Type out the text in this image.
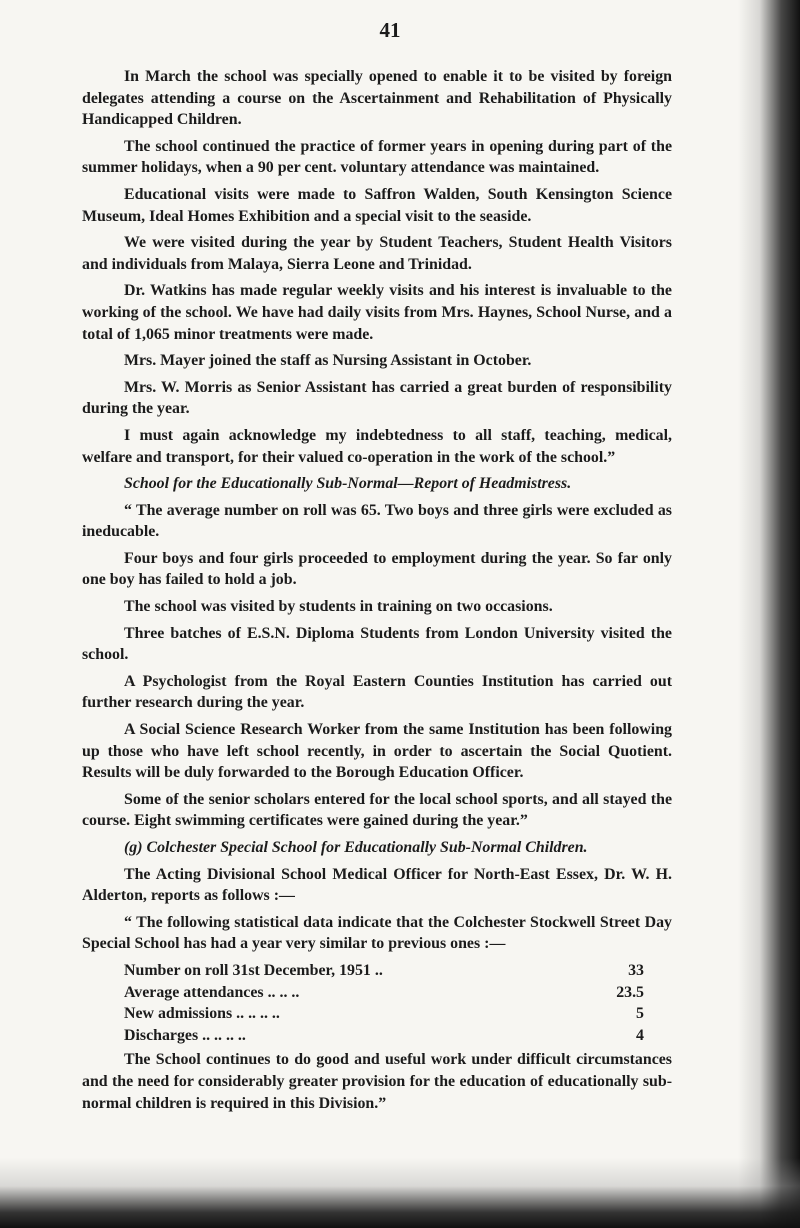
41

In March the school was specially opened to enable it to be visited by foreign delegates attending a course on the Ascertainment and Rehabilitation of Physically Handicapped Children.

The school continued the practice of former years in opening during part of the summer holidays, when a 90 per cent. voluntary attendance was maintained.

Educational visits were made to Saffron Walden, South Kensington Science Museum, Ideal Homes Exhibition and a special visit to the seaside.

We were visited during the year by Student Teachers, Student Health Visitors and individuals from Malaya, Sierra Leone and Trinidad.

Dr. Watkins has made regular weekly visits and his interest is invaluable to the working of the school. We have had daily visits from Mrs. Haynes, School Nurse, and a total of 1,065 minor treatments were made.

Mrs. Mayer joined the staff as Nursing Assistant in October.

Mrs. W. Morris as Senior Assistant has carried a great burden of responsibility during the year.

I must again acknowledge my indebtedness to all staff, teaching, medical, welfare and transport, for their valued co-operation in the work of the school.”

School for the Educationally Sub-Normal—Report of Headmistress.

“ The average number on roll was 65. Two boys and three girls were excluded as ineducable.

Four boys and four girls proceeded to employment during the year. So far only one boy has failed to hold a job.

The school was visited by students in training on two occasions.

Three batches of E.S.N. Diploma Students from London University visited the school.

A Psychologist from the Royal Eastern Counties Institution has carried out further research during the year.

A Social Science Research Worker from the same Institution has been following up those who have left school recently, in order to ascertain the Social Quotient. Results will be duly forwarded to the Borough Education Officer.

Some of the senior scholars entered for the local school sports, and all stayed the course. Eight swimming certificates were gained during the year.”

(g) Colchester Special School for Educationally Sub-Normal Children.

The Acting Divisional School Medical Officer for North-East Essex, Dr. W. H. Alderton, reports as follows :—

“ The following statistical data indicate that the Colchester Stockwell Street Day Special School has had a year very similar to previous ones :—

Number on roll 31st December, 1951 ..	33
Average attendances .. .. ..	23.5
New admissions .. .. .. ..	5
Discharges .. .. .. ..	4

The School continues to do good and useful work under difficult circumstances and the need for considerably greater provision for the education of educationally sub-normal children is required in this Division.”
